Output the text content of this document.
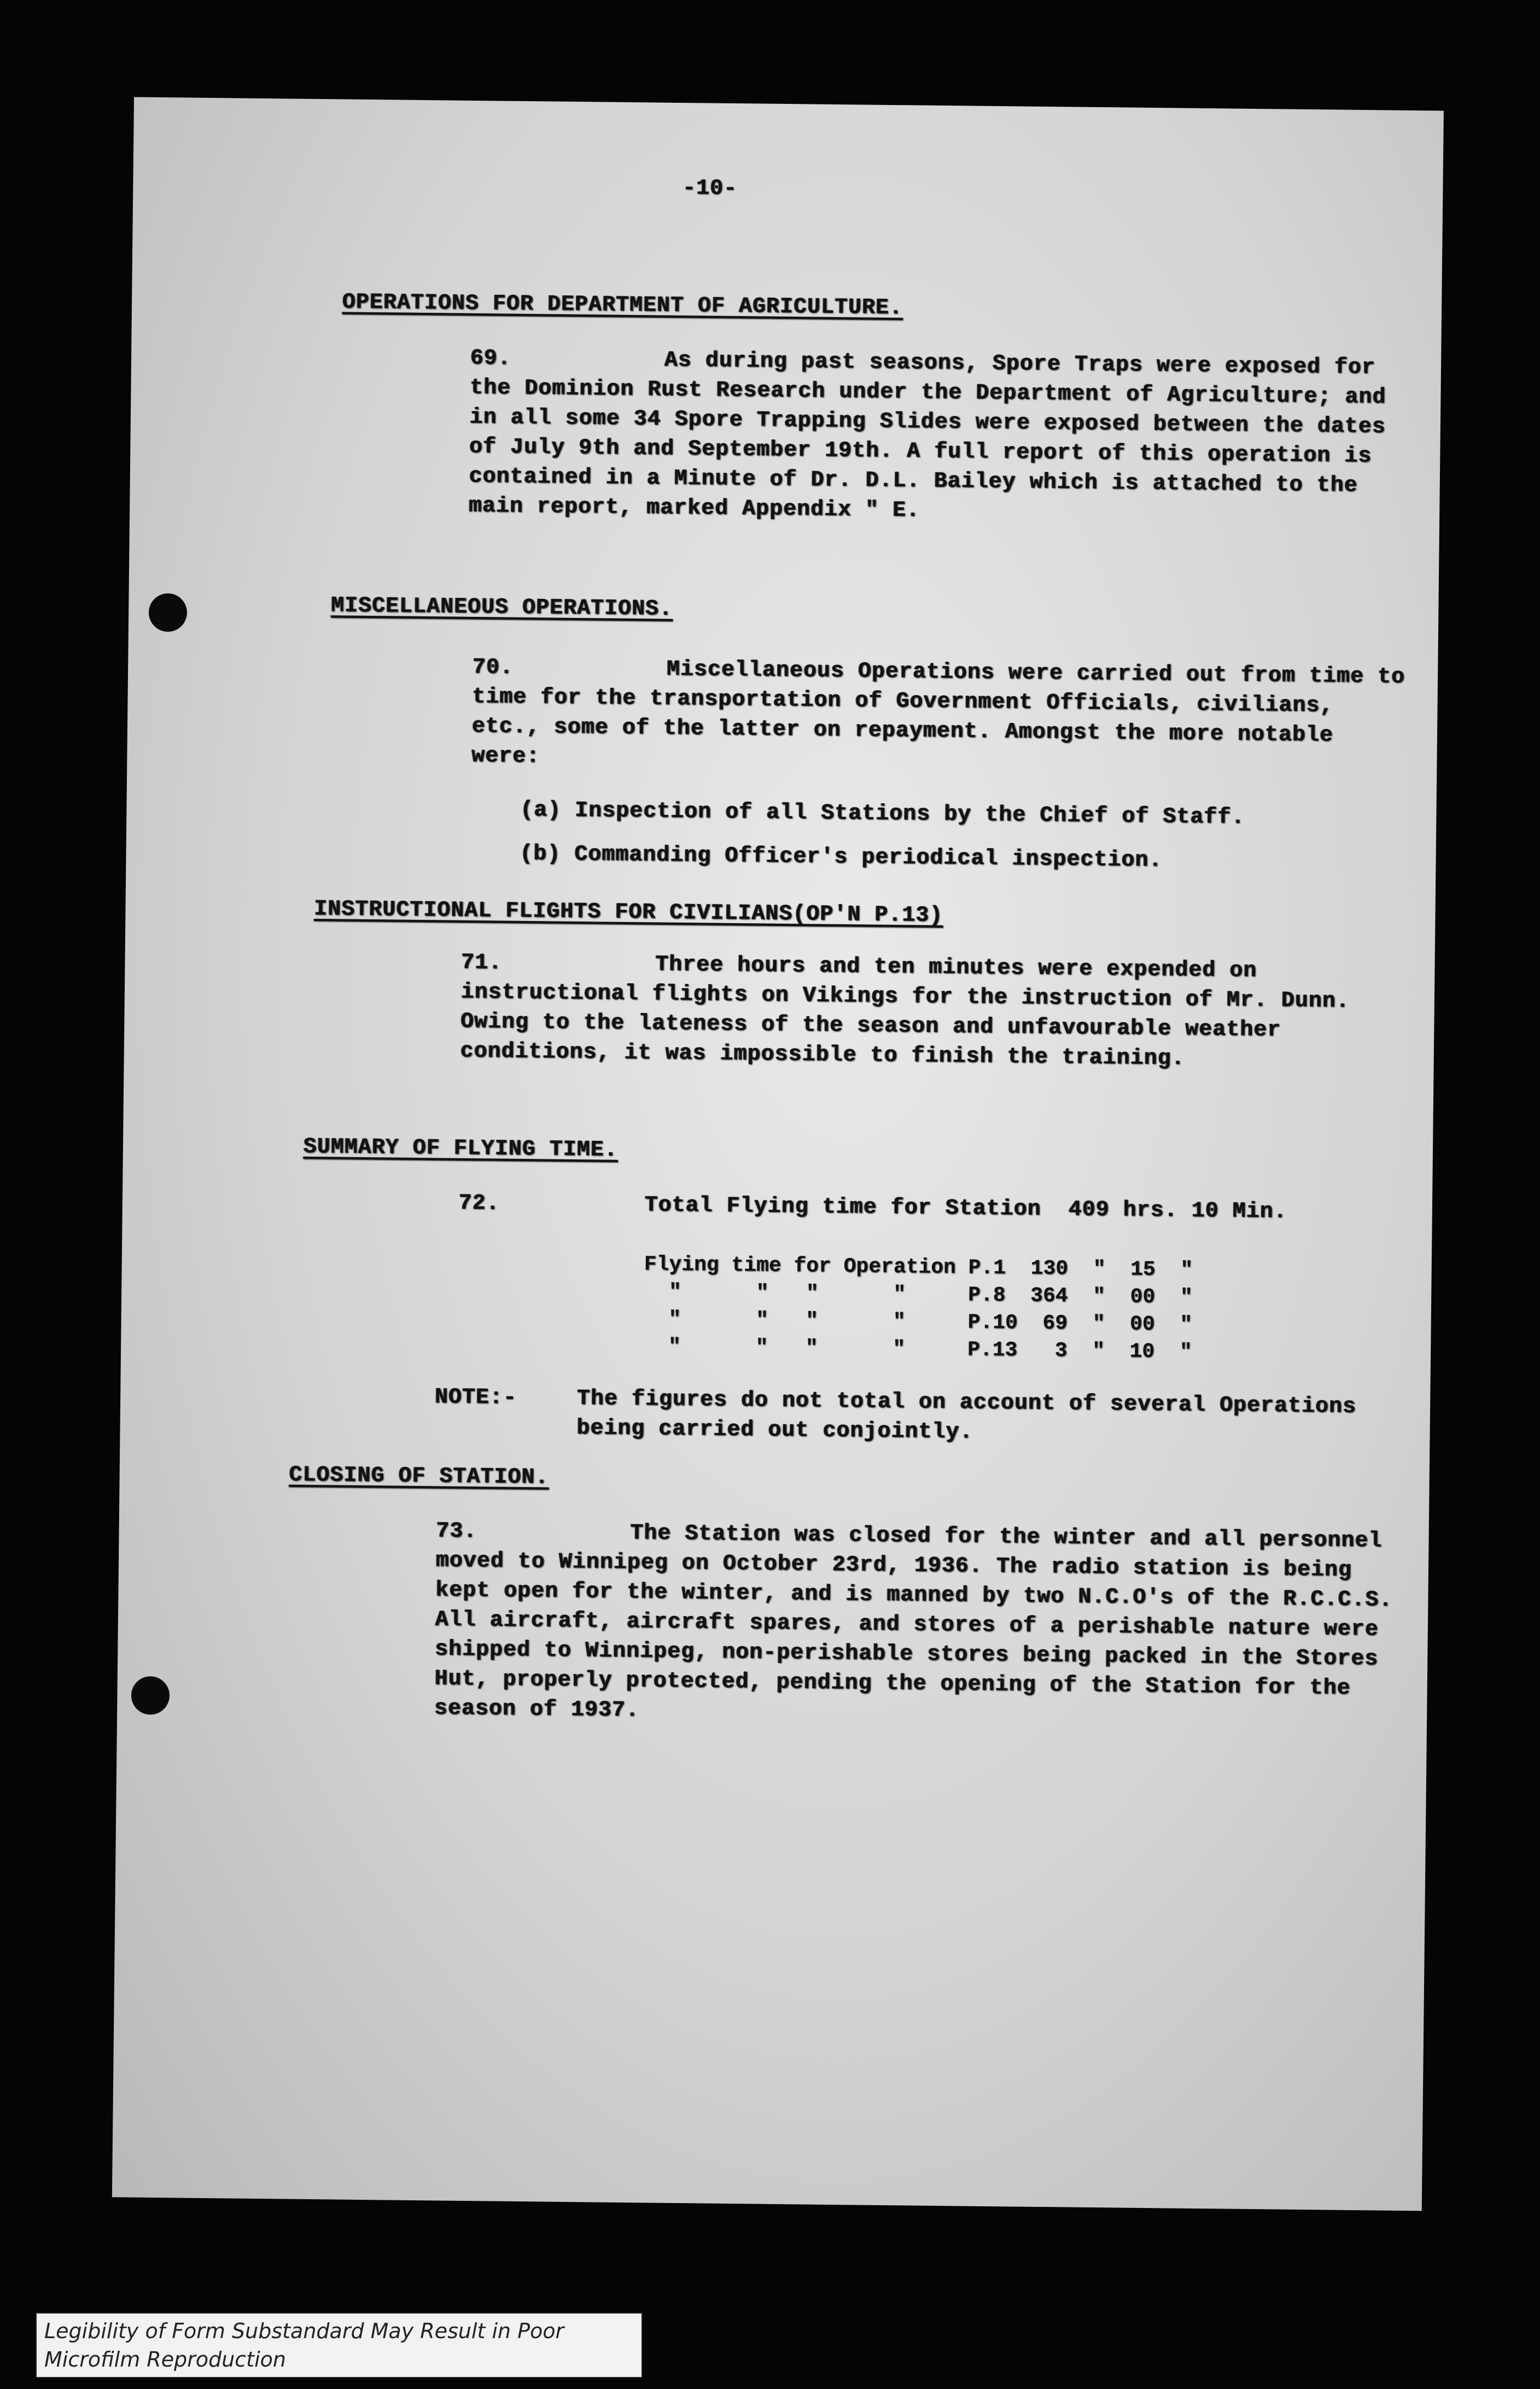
-10-
OPERATIONS FOR DEPARTMENT OF AGRICULTURE.
69.	As during past seasons, Spore Traps were exposed for the Dominion Rust Research under the Department of Agriculture; and in all some 34 Spore Trapping Slides were exposed between the dates of July 9th and September 19th. A full report of this operation is contained in a Minute of Dr. D.L. Bailey which is attached to the main report, marked Appendix " E.
MISCELLANEOUS OPERATIONS.
70.	Miscellaneous Operations were carried out from time to time for the transportation of Government Officials, civilians, etc., some of the latter on repayment. Amongst the more notable were:
(a) Inspection of all Stations by the Chief of Staff.
(b) Commanding Officer's periodical inspection.
INSTRUCTIONAL FLIGHTS FOR CIVILIANS(OP'N P.13)
71.	Three hours and ten minutes were expended on instructional flights on Vikings for the instruction of Mr. Dunn. Owing to the lateness of the season and unfavourable weather conditions, it was impossible to finish the training.
SUMMARY OF FLYING TIME.
72.	Total Flying time for Station  409 hrs. 10 Min.
Flying time for Operation P.1  130  "  15  "
"      "   "      "     P.8  364  "  00  "
"      "   "      "     P.10  69  "  00  "
"      "   "      "     P.13   3  "  10  "
NOTE:-	The figures do not total on account of several Operations being carried out conjointly.
CLOSING OF STATION.
73.	The Station was closed for the winter and all personnel moved to Winnipeg on October 23rd, 1936. The radio station is being kept open for the winter, and is manned by two N.C.O's of the R.C.C.S. All aircraft, aircraft spares, and stores of a perishable nature were shipped to Winnipeg, non-perishable stores being packed in the Stores Hut, properly protected, pending the opening of the Station for the season of 1937.
Legibility of Form Substandard May Result in Poor Microfilm Reproduction
